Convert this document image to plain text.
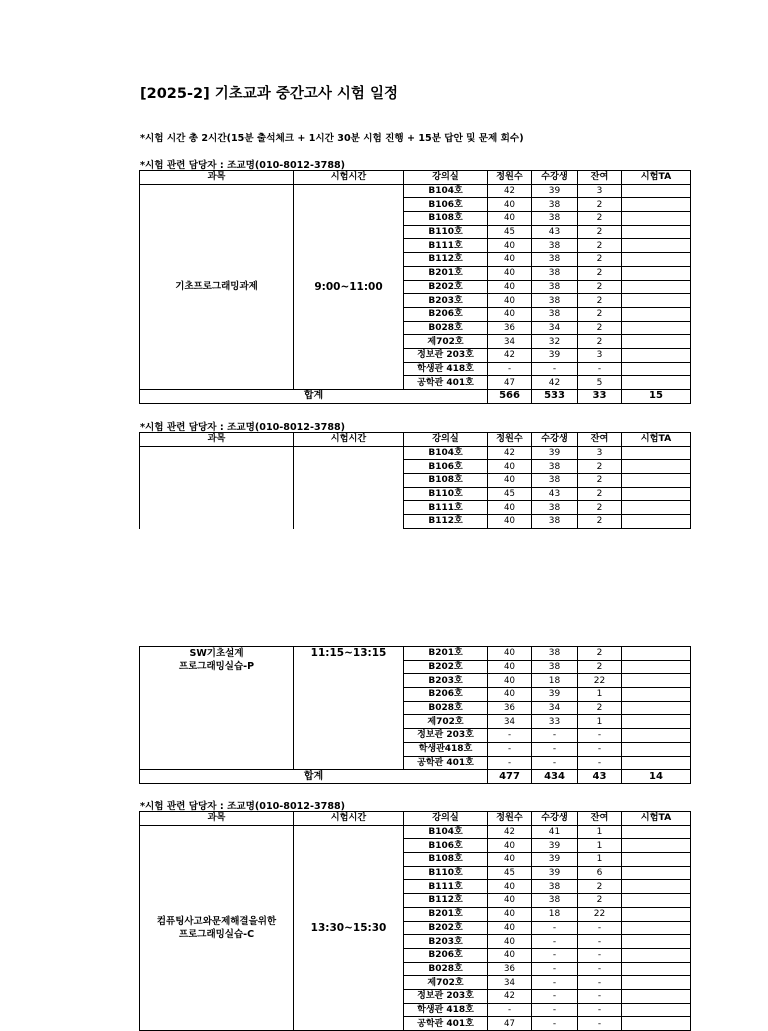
[2025-2] 기초교과 중간고사 시험 일정
*시험 시간 총 2시간(15분 출석체크 + 1시간 30분 시험 진행 + 15분 답안 및 문제 회수)
*시험 관련 담당자 : 조교명(010-8012-3788)
과목	시험시간	강의실	정원수	수강생	잔여	시험TA
기초프로그래밍과제	9:00~11:00	B104호	42	39	3	
		B106호	40	38	2	
		B108호	40	38	2	
		B110호	45	43	2	
		B111호	40	38	2	
		B112호	40	38	2	
		B201호	40	38	2	
		B202호	40	38	2	
		B203호	40	38	2	
		B206호	40	38	2	
		B028호	36	34	2	
		제702호	34	32	2	
		정보관 203호	42	39	3	
		학생관 418호	-	-	-	
		공학관 401호	47	42	5	
합계			566	533	33	15
*시험 관련 담당자 : 조교명(010-8012-3788)
과목	시험시간	강의실	정원수	수강생	잔여	시험TA
		B104호	42	39	3	
		B106호	40	38	2	
		B108호	40	38	2	
		B110호	45	43	2	
		B111호	40	38	2	
		B112호	40	38	2	
SW기초설계
프로그래밍실습-P	11:15~13:15	B201호	40	38	2	
		B202호	40	38	2	
		B203호	40	18	22	
		B206호	40	39	1	
		B028호	36	34	2	
		제702호	34	33	1	
		정보관 203호	-	-	-	
		학생관418호	-	-	-	
		공학관 401호	-	-	-	
합계			477	434	43	14
*시험 관련 담당자 : 조교명(010-8012-3788)
과목	시험시간	강의실	정원수	수강생	잔여	시험TA
컴퓨팅사고와문제해결을위한
프로그래밍실습-C	13:30~15:30	B104호	42	41	1	
		B106호	40	39	1	
		B108호	40	39	1	
		B110호	45	39	6	
		B111호	40	38	2	
		B112호	40	38	2	
		B201호	40	18	22	
		B202호	40	-	-	
		B203호	40	-	-	
		B206호	40	-	-	
		B028호	36	-	-	
		제702호	34	-	-	
		정보관 203호	42	-	-	
		학생관 418호	-	-	-	
		공학관 401호	47	-	-	
